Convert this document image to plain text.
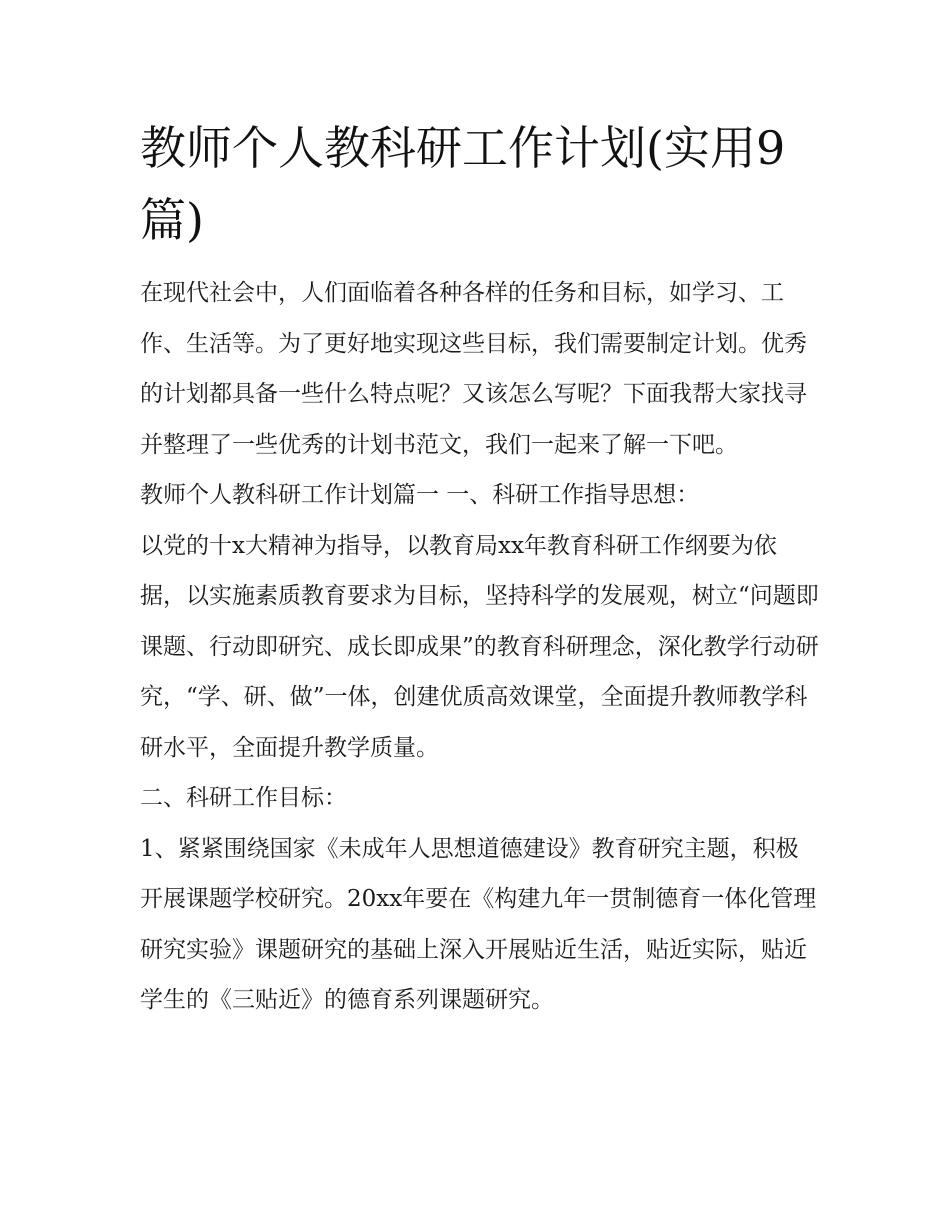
教师个人教科研工作计划(实用9篇)

在现代社会中，人们面临着各种各样的任务和目标，如学习、工作、生活等。为了更好地实现这些目标，我们需要制定计划。优秀的计划都具备一些什么特点呢？又该怎么写呢？下面我帮大家找寻并整理了一些优秀的计划书范文，我们一起来了解一下吧。

教师个人教科研工作计划篇一 一、科研工作指导思想：

以党的十x大精神为指导，以教育局xx年教育科研工作纲要为依据，以实施素质教育要求为目标，坚持科学的发展观，树立“问题即课题、行动即研究、成长即成果”的教育科研理念，深化教学行动研究，“学、研、做”一体，创建优质高效课堂，全面提升教师教学科研水平，全面提升教学质量。

二、科研工作目标：

1、紧紧围绕国家《未成年人思想道德建设》教育研究主题，积极开展课题学校研究。20xx年要在《构建九年一贯制德育一体化管理研究实验》课题研究的基础上深入开展贴近生活，贴近实际，贴近学生的《三贴近》的德育系列课题研究。
